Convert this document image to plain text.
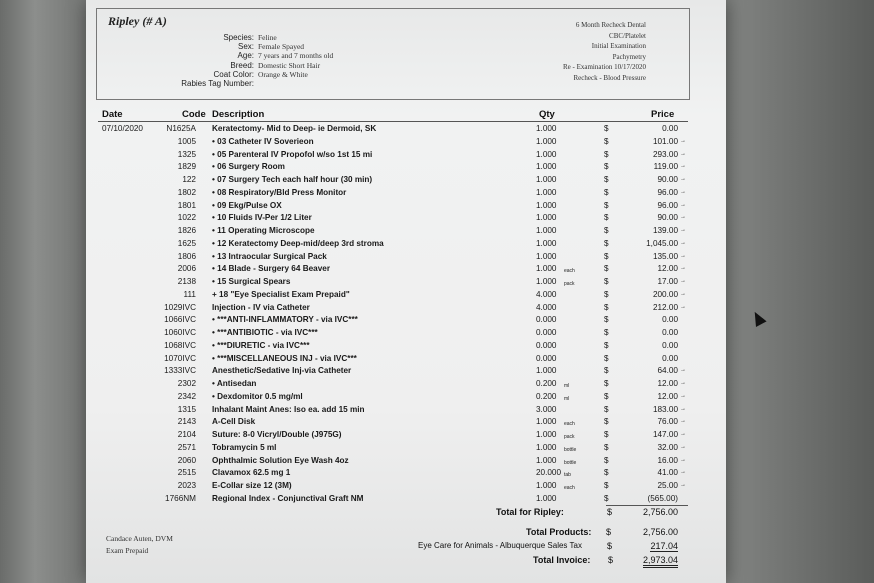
Ripley (# A)
Species: Feline
Sex: Female Spayed
Age: 7 years and 7 months old
Breed: Domestic Short Hair
Coat Color: Orange & White
Rabies Tag Number:
6 Month Recheck Dental
CBC/Platelet
Initial Examination
Pachymetry
Re - Examination 10/17/2020
Recheck - Blood Pressure
Date	Code Description	Qty	Price
07/10/2020	N1625A Keratectomy- Mid to Deep- ie Dermoid, SK	1.000	$	0.00
1005 • 03 Catheter IV Soverieon	1.000	$	101.00 →
1325 • 05 Parenteral IV Propofol w/so 1st 15 mi	1.000	$	293.00 →
1829 • 06 Surgery Room	1.000	$	119.00 →
122 • 07 Surgery Tech each half hour (30 min)	1.000	$	90.00 →
1802 • 08 Respiratory/Bld Press Monitor	1.000	$	96.00 →
1801 • 09 Ekg/Pulse OX	1.000	$	96.00 →
1022 • 10 Fluids IV-Per 1/2 Liter	1.000	$	90.00 →
1826 • 11 Operating Microscope	1.000	$	139.00 →
1625 • 12 Keratectomy Deep-mid/deep 3rd stroma	1.000	$	1,045.00 →
1806 • 13 Intraocular Surgical Pack	1.000	$	135.00 →
2006 • 14 Blade - Surgery 64 Beaver	1.000 each	$	12.00 →
2138 • 15 Surgical Spears	1.000 pack	$	17.00 →
111 + 18 "Eye Specialist Exam Prepaid"	4.000	$	200.00 →
1029IVC Injection - IV via Catheter	4.000	$	212.00 →
1066IVC • ***ANTI-INFLAMMATORY - via IVC***	0.000	$	0.00
1060IVC • ***ANTIBIOTIC - via IVC***	0.000	$	0.00
1068IVC • ***DIURETIC - via IVC***	0.000	$	0.00
1070IVC • ***MISCELLANEOUS INJ - via IVC***	0.000	$	0.00
1333IVC Anesthetic/Sedative Inj-via Catheter	1.000	$	64.00 →
2302 • Antisedan	0.200 ml	$	12.00 →
2342 • Dexdomitor 0.5 mg/ml	0.200 ml	$	12.00 →
1315 Inhalant Maint Anes: Iso ea. add 15 min	3.000	$	183.00 →
2143 A-Cell Disk	1.000 each	$	76.00 →
2104 Suture: 8-0 Vicryl/Double (J975G)	1.000 pack	$	147.00 →
2571 Tobramycin 5 ml	1.000 bottle	$	32.00 →
2060 Ophthalmic Solution Eye Wash 4oz	1.000 bottle	$	16.00 →
2515 Clavamox 62.5 mg 1	20.000 tab	$	41.00 →
2023 E-Collar size 12 (3M)	1.000 each	$	25.00 →
1766NM Regional Index - Conjunctival Graft NM	1.000	$	(565.00)
Total for Ripley:	$	2,756.00
Total Products: $	2,756.00
Eye Care for Animals - Albuquerque Sales Tax	$	217.04
Total Invoice: $	2,973.04
Candace Auten, DVM
Exam Prepaid
